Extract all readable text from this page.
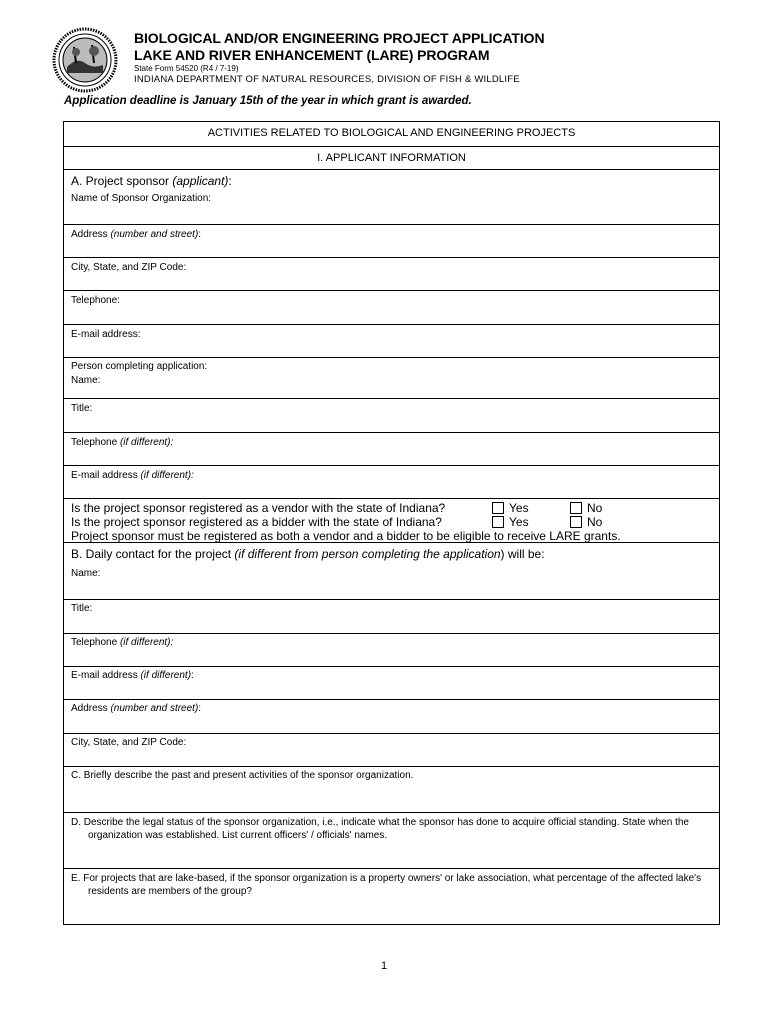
BIOLOGICAL AND/OR ENGINEERING PROJECT APPLICATION
LAKE AND RIVER ENHANCEMENT (LARE) PROGRAM
State Form 54520 (R4 / 7-19)
INDIANA DEPARTMENT OF NATURAL RESOURCES, DIVISION OF FISH & WILDLIFE
Application deadline is January 15th of the year in which grant is awarded.
ACTIVITIES RELATED TO BIOLOGICAL AND ENGINEERING PROJECTS
I. APPLICANT INFORMATION
A. Project sponsor (applicant):
Name of Sponsor Organization:
Address (number and street):
City, State, and ZIP Code:
Telephone:
E-mail address:
Person completing application:
Name:
Title:
Telephone (if different):
E-mail address (if different):
Is the project sponsor registered as a vendor with the state of Indiana?
Is the project sponsor registered as a bidder with the state of Indiana?
Project sponsor must be registered as both a vendor and a bidder to be eligible to receive LARE grants.
Yes	No
Yes	No
B. Daily contact for the project (if different from person completing the application) will be:
Name:
Title:
Telephone (if different):
E-mail address (if different):
Address (number and street):
City, State, and ZIP Code:
C. Briefly describe the past and present activities of the sponsor organization.
D. Describe the legal status of the sponsor organization, i.e., indicate what the sponsor has done to acquire official standing. State when the organization was established. List current officers' / officials' names.
E. For projects that are lake-based, if the sponsor organization is a property owners' or lake association, what percentage of the affected lake's residents are members of the group?
1
